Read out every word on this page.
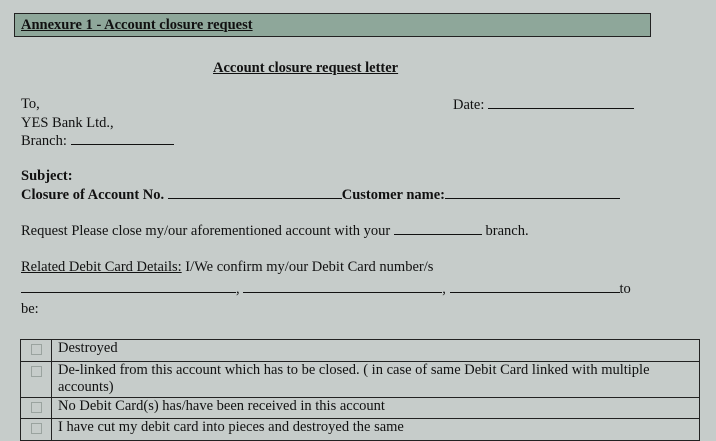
Annexure 1 - Account closure request
Account closure request letter
To,
YES Bank Ltd.,
Branch:
Date:
Subject:
Closure of Account No.	Customer name:
Request Please close my/our aforementioned account with your	branch.
Related Debit Card Details: I/We confirm my/our Debit Card number/s
,	,	to
be:
	Destroyed
	De-linked from this account which has to be closed. ( in case of same Debit Card linked with multiple accounts)
	No Debit Card(s) has/have been received in this account
	I have cut my debit card into pieces and destroyed the same
